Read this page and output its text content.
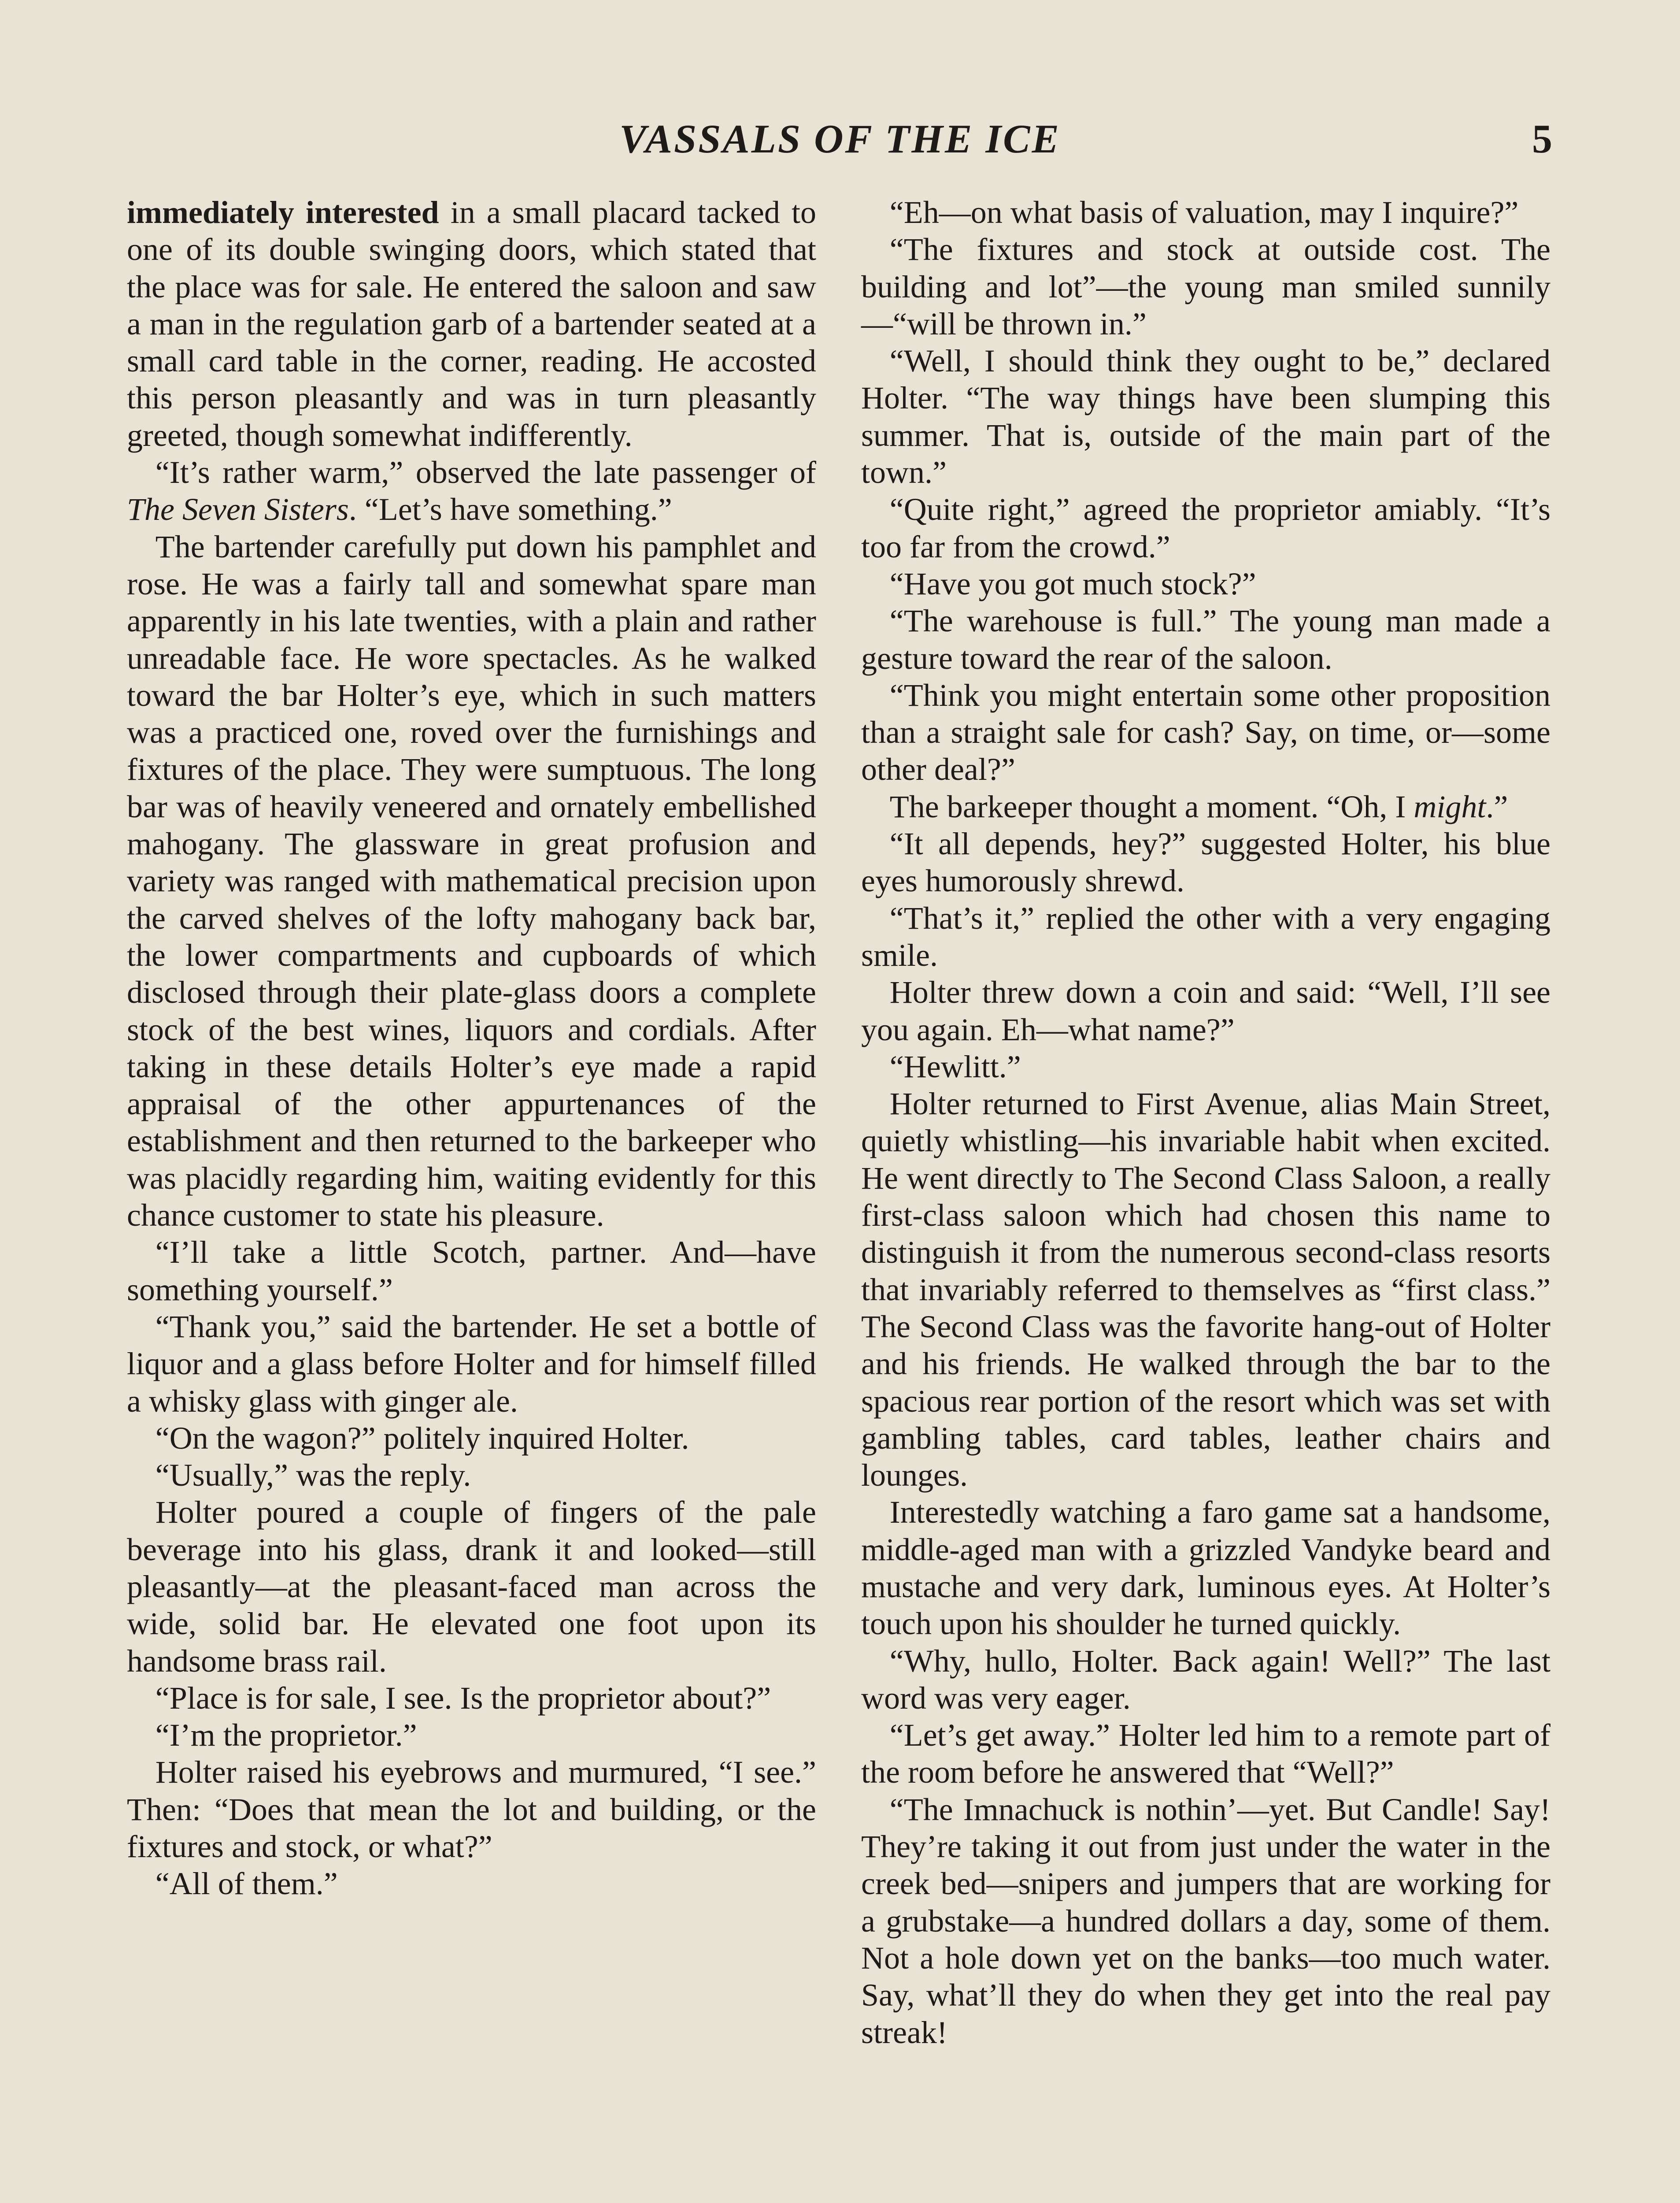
VASSALS OF THE ICE	5

immediately interested in a small placard tacked to one of its double swinging doors, which stated that the place was for sale. He entered the saloon and saw a man in the regulation garb of a bartender seated at a small card table in the corner, reading. He accosted this person pleasantly and was in turn pleasantly greeted, though somewhat indifferently.

“It’s rather warm,” observed the late passenger of The Seven Sisters. “Let’s have something.”

The bartender carefully put down his pamphlet and rose. He was a fairly tall and somewhat spare man apparently in his late twenties, with a plain and rather unreadable face. He wore spectacles. As he walked toward the bar Holter’s eye, which in such matters was a practiced one, roved over the furnishings and fixtures of the place. They were sumptuous. The long bar was of heavily veneered and ornately embellished mahogany. The glassware in great profusion and variety was ranged with mathematical precision upon the carved shelves of the lofty mahogany back bar, the lower compartments and cupboards of which disclosed through their plate-glass doors a complete stock of the best wines, liquors and cordials. After taking in these details Holter’s eye made a rapid appraisal of the other appurtenances of the establishment and then returned to the barkeeper who was placidly regarding him, waiting evidently for this chance customer to state his pleasure.

“I’ll take a little Scotch, partner. And—have something yourself.”

“Thank you,” said the bartender. He set a bottle of liquor and a glass before Holter and for himself filled a whisky glass with ginger ale.

“On the wagon?” politely inquired Holter.

“Usually,” was the reply.

Holter poured a couple of fingers of the pale beverage into his glass, drank it and looked—still pleasantly—at the pleasant-faced man across the wide, solid bar. He elevated one foot upon its handsome brass rail.

“Place is for sale, I see. Is the proprietor about?”

“I’m the proprietor.”

Holter raised his eyebrows and murmured, “I see.” Then: “Does that mean the lot and building, or the fixtures and stock, or what?”

“All of them.”

“Eh—on what basis of valuation, may I inquire?”

“The fixtures and stock at outside cost. The building and lot”—the young man smiled sunnily—“will be thrown in.”

“Well, I should think they ought to be,” declared Holter. “The way things have been slumping this summer. That is, outside of the main part of the town.”

“Quite right,” agreed the proprietor amiably. “It’s too far from the crowd.”

“Have you got much stock?”

“The warehouse is full.” The young man made a gesture toward the rear of the saloon.

“Think you might entertain some other proposition than a straight sale for cash? Say, on time, or—some other deal?”

The barkeeper thought a moment. “Oh, I might.”

“It all depends, hey?” suggested Holter, his blue eyes humorously shrewd.

“That’s it,” replied the other with a very engaging smile.

Holter threw down a coin and said: “Well, I’ll see you again. Eh—what name?”

“Hewlitt.”

Holter returned to First Avenue, alias Main Street, quietly whistling—his invariable habit when excited. He went directly to The Second Class Saloon, a really first-class saloon which had chosen this name to distinguish it from the numerous second-class resorts that invariably referred to themselves as “first class.” The Second Class was the favorite hang-out of Holter and his friends. He walked through the bar to the spacious rear portion of the resort which was set with gambling tables, card tables, leather chairs and lounges.

Interestedly watching a faro game sat a handsome, middle-aged man with a grizzled Vandyke beard and mustache and very dark, luminous eyes. At Holter’s touch upon his shoulder he turned quickly.

“Why, hullo, Holter. Back again! Well?” The last word was very eager.

“Let’s get away.” Holter led him to a remote part of the room before he answered that “Well?”

“The Imnachuck is nothin’—yet. But Candle! Say! They’re taking it out from just under the water in the creek bed—snipers and jumpers that are working for a grubstake—a hundred dollars a day, some of them. Not a hole down yet on the banks—too much water. Say, what’ll they do when they get into the real pay streak!
